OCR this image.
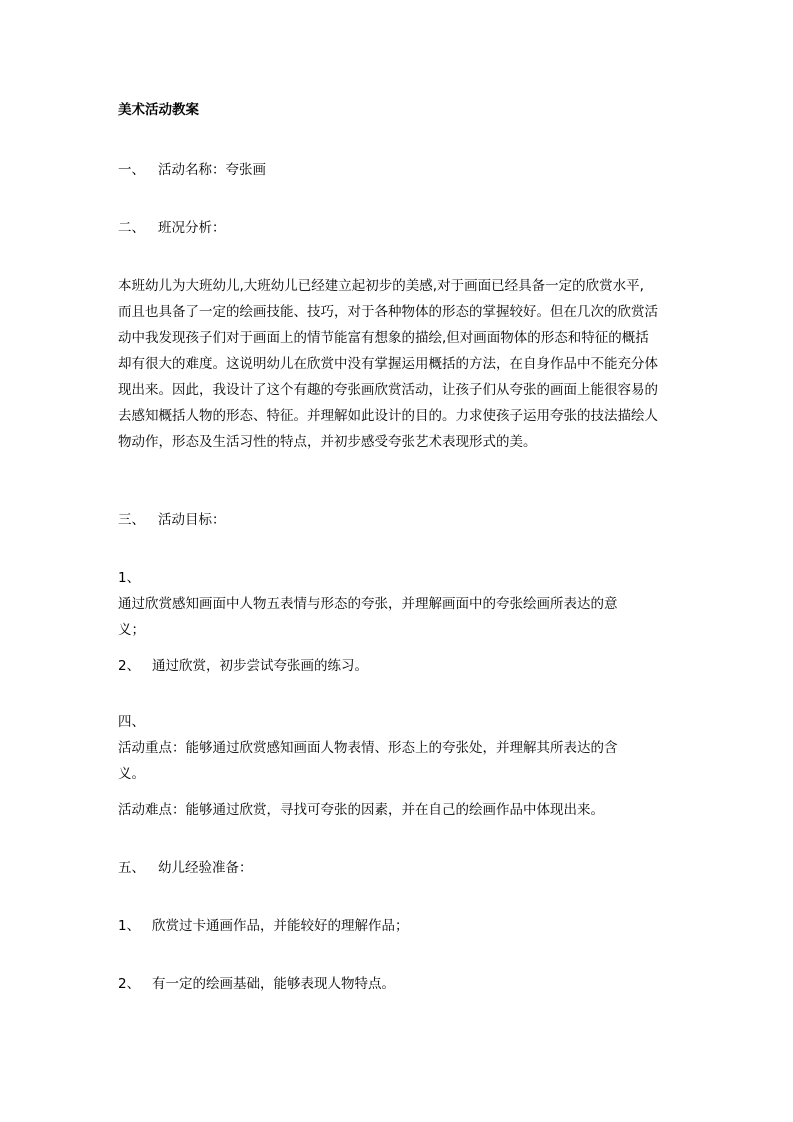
美术活动教案
一、 活动名称：夸张画
二、 班况分析：
本班幼儿为大班幼儿,大班幼儿已经建立起初步的美感,对于画面已经具备一定的欣赏水平,
而且也具备了一定的绘画技能、技巧，对于各种物体的形态的掌握较好。但在几次的欣赏活
动中我发现孩子们对于画面上的情节能富有想象的描绘,但对画面物体的形态和特征的概括
却有很大的难度。这说明幼儿在欣赏中没有掌握运用概括的方法，在自身作品中不能充分体
现出来。因此，我设计了这个有趣的夸张画欣赏活动，让孩子们从夸张的画面上能很容易的
去感知概括人物的形态、特征。并理解如此设计的目的。力求使孩子运用夸张的技法描绘人
物动作，形态及生活习性的特点，并初步感受夸张艺术表现形式的美。
三、 活动目标：
1、
通过欣赏感知画面中人物五表情与形态的夸张，并理解画面中的夸张绘画所表达的意
义；
2、 通过欣赏，初步尝试夸张画的练习。
四、
活动重点：能够通过欣赏感知画面人物表情、形态上的夸张处，并理解其所表达的含
义。
活动难点：能够通过欣赏，寻找可夸张的因素，并在自己的绘画作品中体现出来。
五、 幼儿经验准备：
1、 欣赏过卡通画作品，并能较好的理解作品；
2、 有一定的绘画基础，能够表现人物特点。
